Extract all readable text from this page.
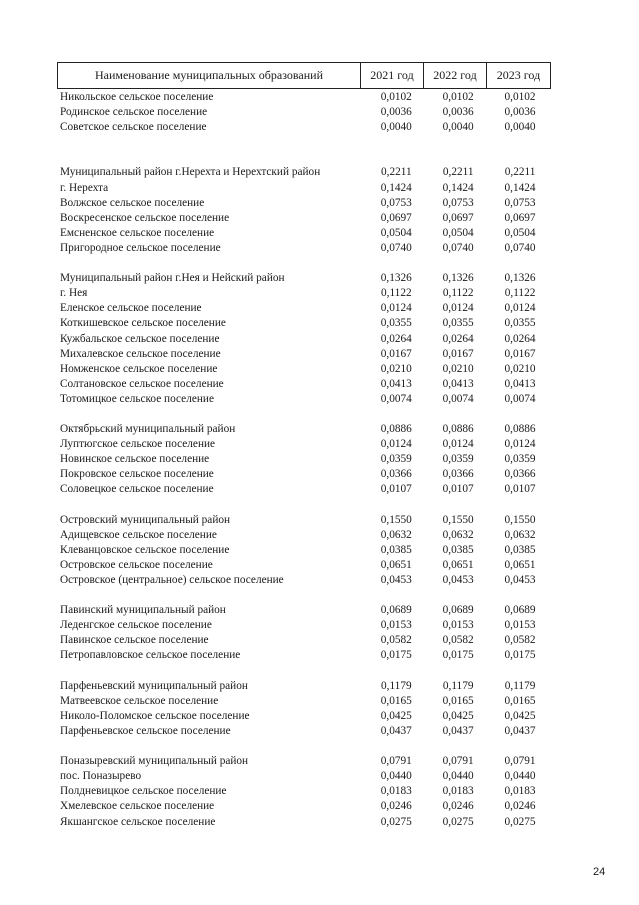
Наименование муниципальных образований	2021 год	2022 год	2023 год
Никольское сельское поселение	0,0102	0,0102	0,0102
Родинское сельское поселение	0,0036	0,0036	0,0036
Советское сельское поселение	0,0040	0,0040	0,0040
Муниципальный район г.Нерехта и Нерехтский район	0,2211	0,2211	0,2211
г. Нерехта	0,1424	0,1424	0,1424
Волжское сельское поселение	0,0753	0,0753	0,0753
Воскресенское сельское поселение	0,0697	0,0697	0,0697
Емсненское сельское поселение	0,0504	0,0504	0,0504
Пригородное сельское поселение	0,0740	0,0740	0,0740
Муниципальный район г.Нея и Нейский район	0,1326	0,1326	0,1326
г. Нея	0,1122	0,1122	0,1122
Еленское сельское поселение	0,0124	0,0124	0,0124
Коткишевское сельское поселение	0,0355	0,0355	0,0355
Кужбальское сельское поселение	0,0264	0,0264	0,0264
Михалевское сельское поселение	0,0167	0,0167	0,0167
Номженское сельское поселение	0,0210	0,0210	0,0210
Солтановское сельское поселение	0,0413	0,0413	0,0413
Тотомицкое сельское поселение	0,0074	0,0074	0,0074
Октябрьский муниципальный район	0,0886	0,0886	0,0886
Луптюгское сельское поселение	0,0124	0,0124	0,0124
Новинское сельское поселение	0,0359	0,0359	0,0359
Покровское сельское поселение	0,0366	0,0366	0,0366
Соловецкое сельское поселение	0,0107	0,0107	0,0107
Островский муниципальный район	0,1550	0,1550	0,1550
Адищевское сельское поселение	0,0632	0,0632	0,0632
Клеванцовское сельское поселение	0,0385	0,0385	0,0385
Островское сельское поселение	0,0651	0,0651	0,0651
Островское (центральное) сельское поселение	0,0453	0,0453	0,0453
Павинский муниципальный район	0,0689	0,0689	0,0689
Леденгское сельское поселение	0,0153	0,0153	0,0153
Павинское сельское поселение	0,0582	0,0582	0,0582
Петропавловское сельское поселение	0,0175	0,0175	0,0175
Парфеньевский муниципальный район	0,1179	0,1179	0,1179
Матвеевское сельское поселение	0,0165	0,0165	0,0165
Николо-Поломское сельское поселение	0,0425	0,0425	0,0425
Парфеньевское сельское поселение	0,0437	0,0437	0,0437
Поназыревский муниципальный район	0,0791	0,0791	0,0791
пос. Поназырево	0,0440	0,0440	0,0440
Полдневицкое сельское поселение	0,0183	0,0183	0,0183
Хмелевское сельское поселение	0,0246	0,0246	0,0246
Якшангское сельское поселение	0,0275	0,0275	0,0275
24
